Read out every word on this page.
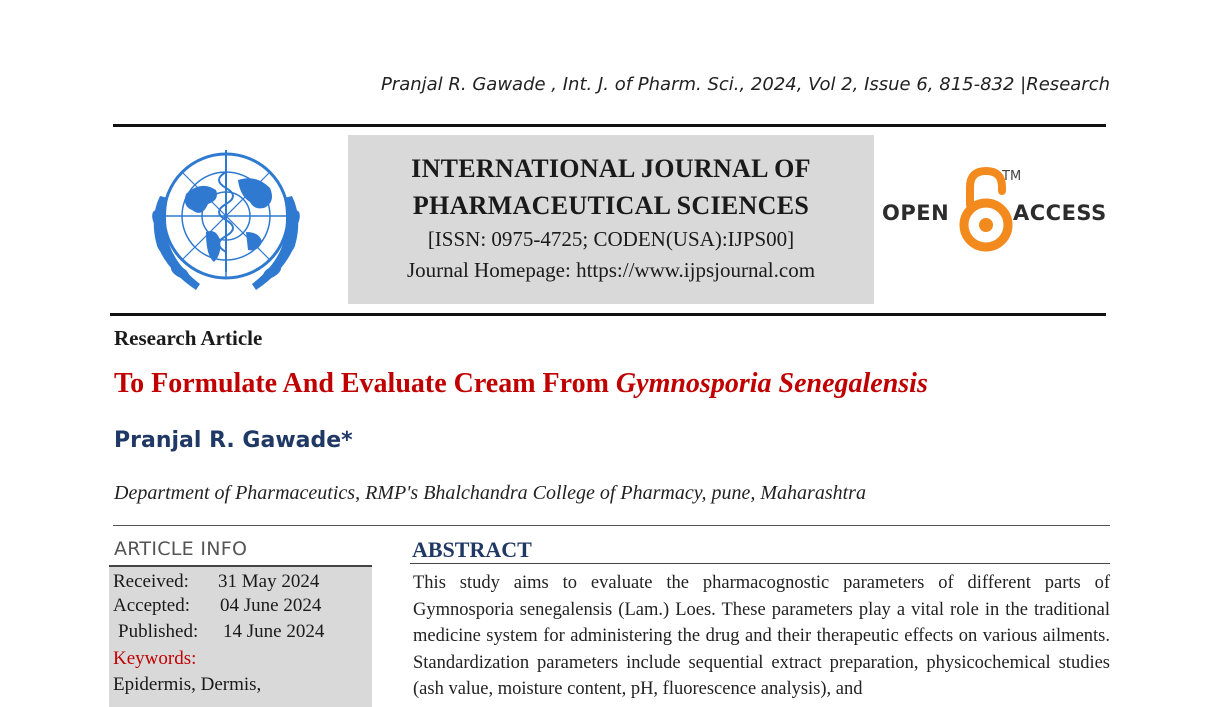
Pranjal R. Gawade , Int. J. of Pharm. Sci., 2024, Vol 2, Issue 6, 815-832 |Research
INTERNATIONAL JOURNAL OF
PHARMACEUTICAL SCIENCES
[ISSN: 0975-4725; CODEN(USA):IJPS00]
Journal Homepage: https://www.ijpsjournal.com
OPEN
TM
ACCESS
Research Article
To Formulate And Evaluate Cream From Gymnosporia Senegalensis
Pranjal R. Gawade*
Department of Pharmaceutics, RMP's Bhalchandra College of Pharmacy, pune, Maharashtra
ARTICLE INFO
Received: 31 May 2024
Accepted: 04 June 2024
Published: 14 June 2024
Keywords:
Epidermis, Dermis,
ABSTRACT
This study aims to evaluate the pharmacognostic parameters of different parts of Gymnosporia senegalensis (Lam.) Loes. These parameters play a vital role in the traditional medicine system for administering the drug and their therapeutic effects on various ailments. Standardization parameters include sequential extract preparation, physicochemical studies (ash value, moisture content, pH, fluorescence analysis), and
